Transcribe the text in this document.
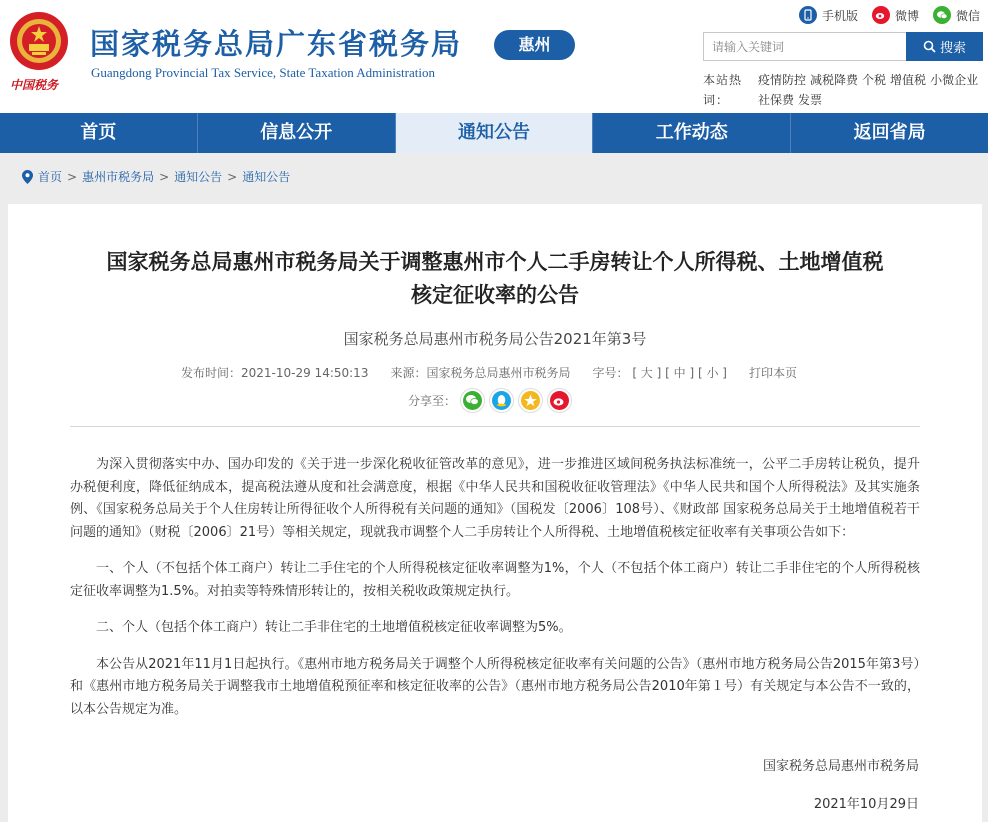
中国税务
国家税务总局广东省税务局
Guangdong Provincial Tax Service, State Taxation Administration
惠州
手机版	微博	微信
请输入关键词
搜索
本站热词：
疫情防控 减税降费 个税 增值税 小微企业社保费 发票
首页	信息公开	通知公告	工作动态	返回省局
首页 > 惠州市税务局 > 通知公告 > 通知公告
国家税务总局惠州市税务局关于调整惠州市个人二手房转让个人所得税、土地增值税
核定征收率的公告
国家税务总局惠州市税务局公告2021年第3号
发布时间：2021-10-29 14:50:13 来源：国家税务总局惠州市税务局 字号： [ 大 ] [ 中 ] [ 小 ] 打印本页
分享至：

为深入贯彻落实中办、国办印发的《关于进一步深化税收征管改革的意见》，进一步推进区域间税务执法标准统一，公平二手房转让税负，提升办税便利度，降低征纳成本，提高税法遵从度和社会满意度，根据《中华人民共和国税收征收管理法》《中华人民共和国个人所得税法》及其实施条例、《国家税务总局关于个人住房转让所得征收个人所得税有关问题的通知》（国税发〔2006〕108号）、《财政部 国家税务总局关于土地增值税若干问题的通知》（财税〔2006〕21号）等相关规定，现就我市调整个人二手房转让个人所得税、土地增值税核定征收率有关事项公告如下：

一、个人（不包括个体工商户）转让二手住宅的个人所得税核定征收率调整为1%，个人（不包括个体工商户）转让二手非住宅的个人所得税核定征收率调整为1.5%。对拍卖等特殊情形转让的，按相关税收政策规定执行。

二、个人（包括个体工商户）转让二手非住宅的土地增值税核定征收率调整为5%。

本公告从2021年11月1日起执行。《惠州市地方税务局关于调整个人所得税核定征收率有关问题的公告》（惠州市地方税务局公告2015年第3号）和《惠州市地方税务局关于调整我市土地增值税预征率和核定征收率的公告》（惠州市地方税务局公告2010年第１号）有关规定与本公告不一致的，以本公告规定为准。

国家税务总局惠州市税务局
2021年10月29日
